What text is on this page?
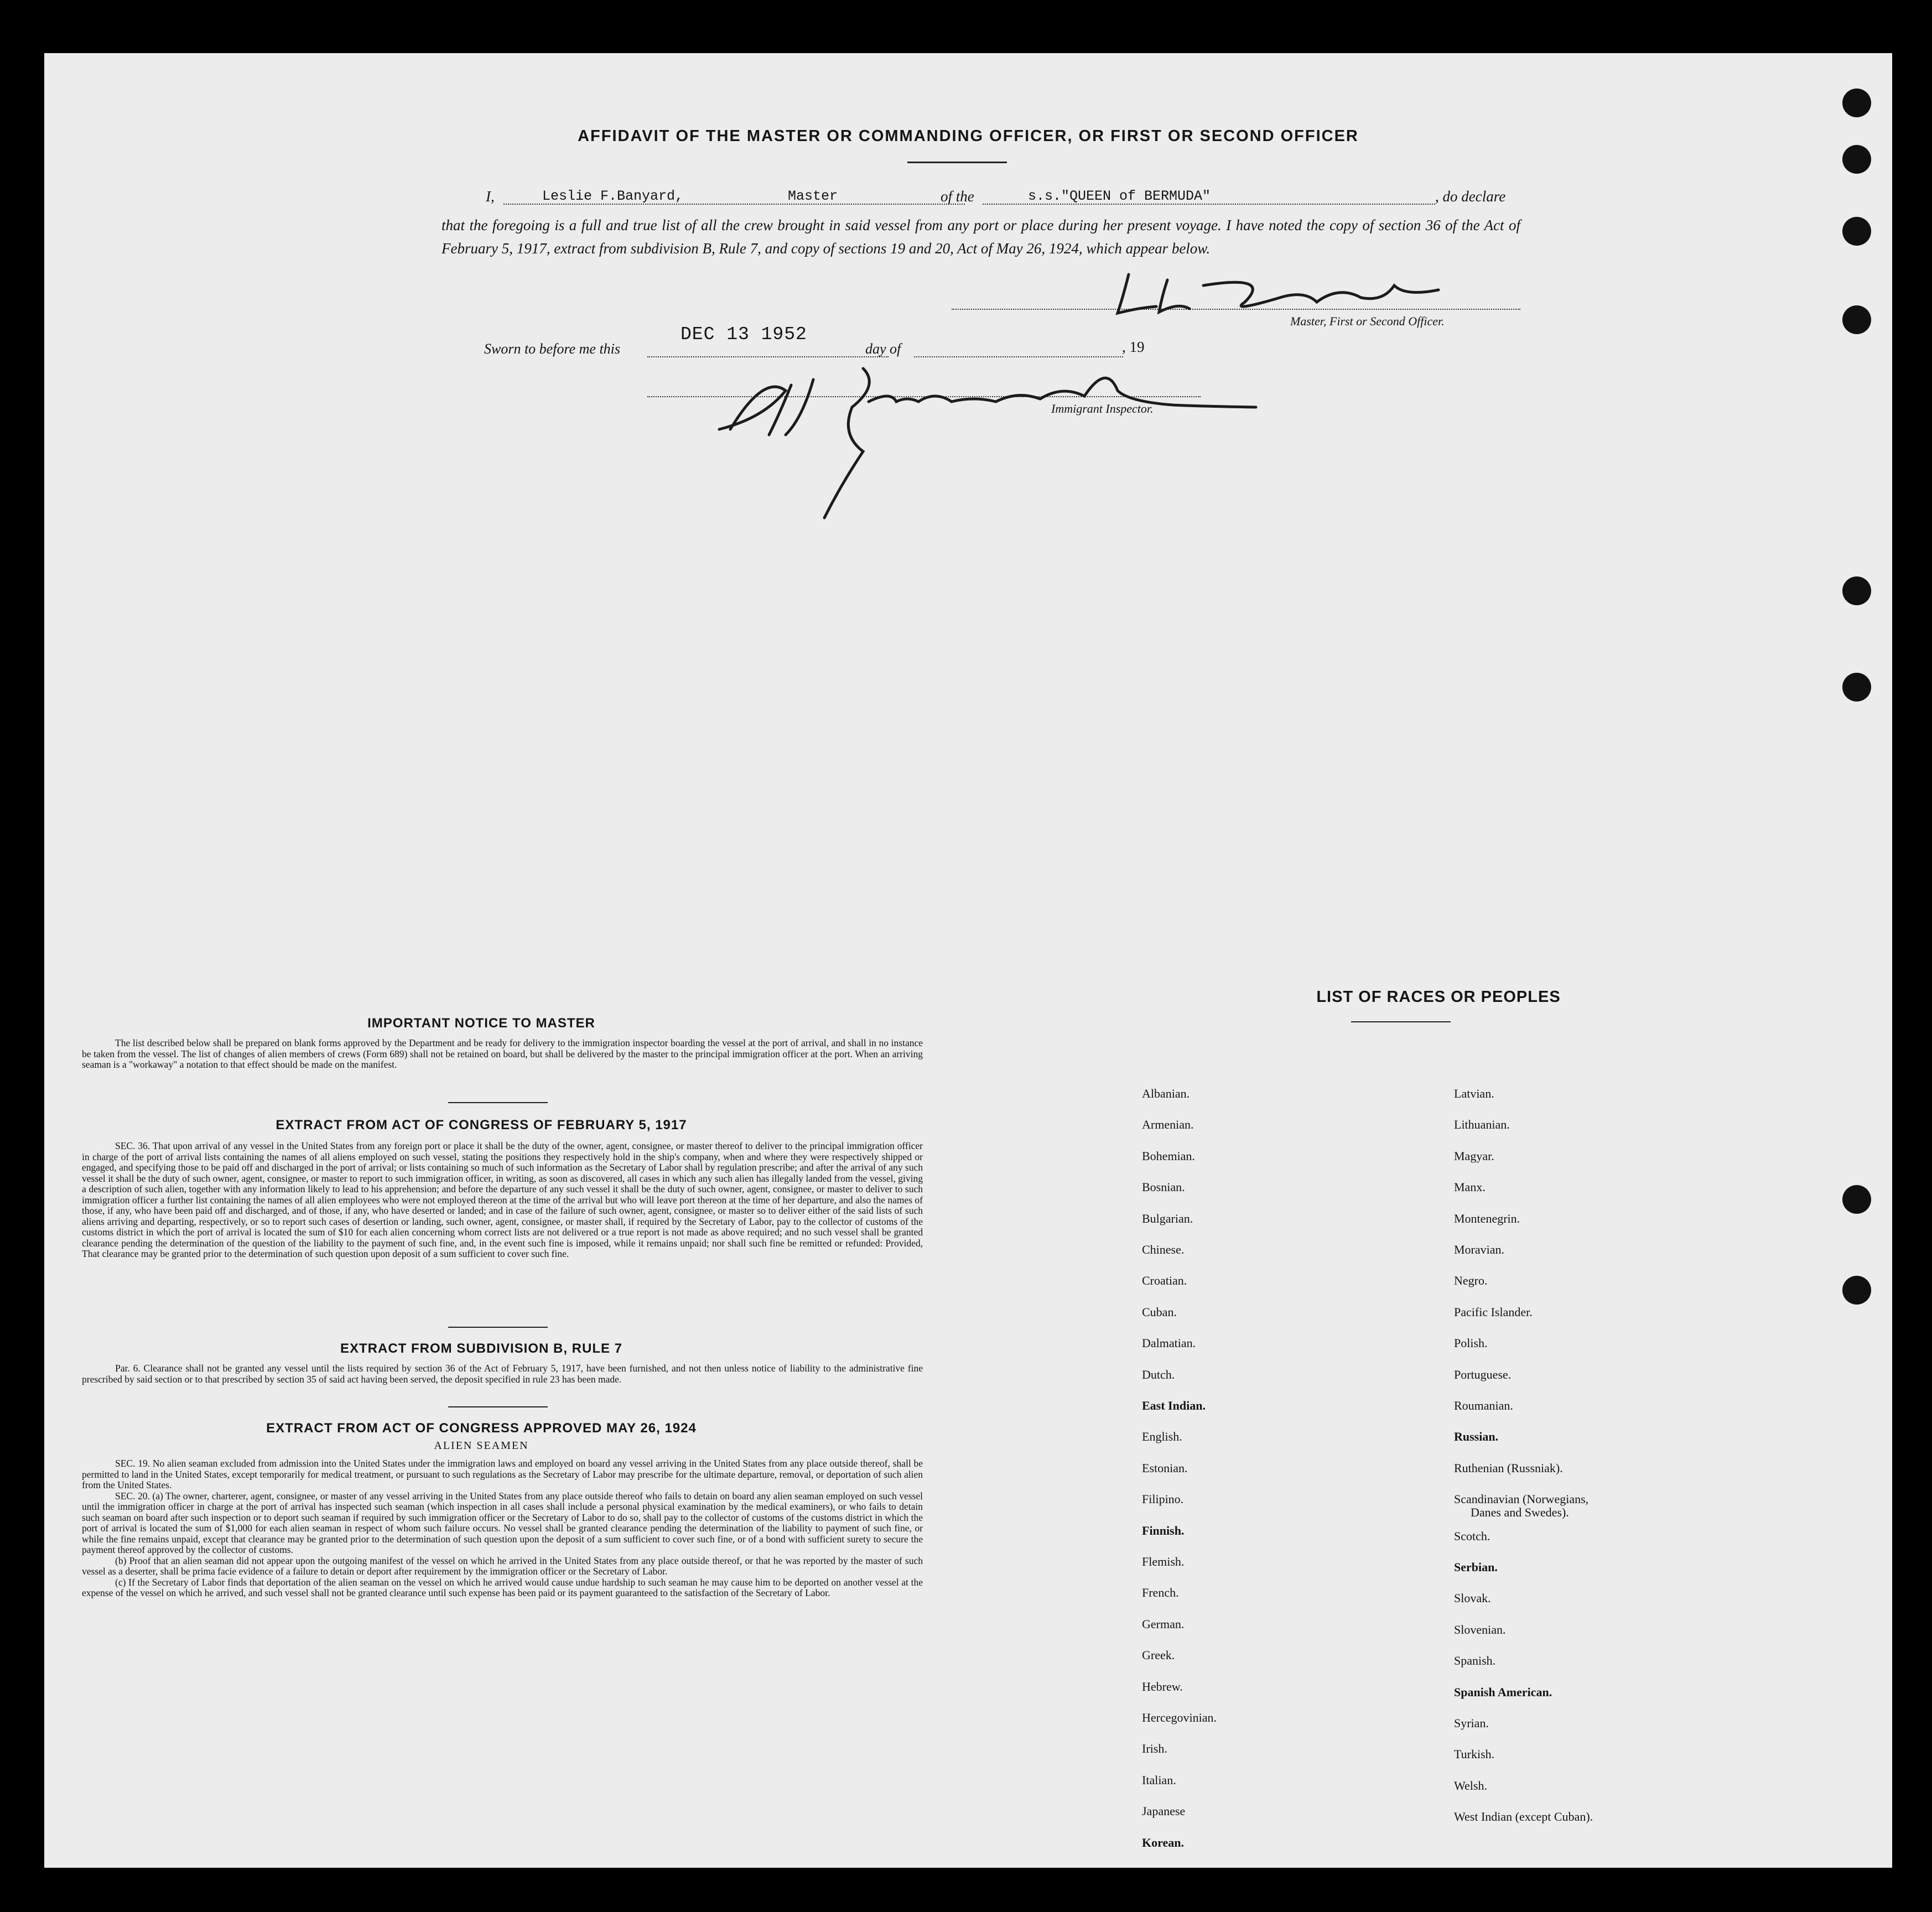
AFFIDAVIT OF THE MASTER OR COMMANDING OFFICER, OR FIRST OR SECOND OFFICER
I,	Leslie F.Banyard,	Master	of the	s.s."QUEEN of BERMUDA"	, do declare
that the foregoing is a full and true list of all the crew brought in said vessel from any port or place during her present voyage. I have noted the copy of section 36 of the Act of February 5, 1917, extract from subdivision B, Rule 7, and copy of sections 19 and 20, Act of May 26, 1924, which appear below.
Master, First or Second Officer.
Sworn to before me this
DEC 13 1952
day of	, 19
Immigrant Inspector.
IMPORTANT NOTICE TO MASTER

The list described below shall be prepared on blank forms approved by the Department and be ready for delivery to the immigration inspector boarding the vessel at the port of arrival, and shall in no instance be taken from the vessel. The list of changes of alien members of crews (Form 689) shall not be retained on board, but shall be delivered by the master to the principal immigration officer at the port. When an arriving seaman is a "workaway" a notation to that effect should be made on the manifest.

EXTRACT FROM ACT OF CONGRESS OF FEBRUARY 5, 1917

SEC. 36. That upon arrival of any vessel in the United States from any foreign port or place it shall be the duty of the owner, agent, consignee, or master thereof to deliver to the principal immigration officer in charge of the port of arrival lists containing the names of all aliens employed on such vessel, stating the positions they respectively hold in the ship's company, when and where they were respectively shipped or engaged, and specifying those to be paid off and discharged in the port of arrival; or lists containing so much of such information as the Secretary of Labor shall by regulation prescribe; and after the arrival of any such vessel it shall be the duty of such owner, agent, consignee, or master to report to such immigration officer, in writing, as soon as discovered, all cases in which any such alien has illegally landed from the vessel, giving a description of such alien, together with any information likely to lead to his apprehension; and before the departure of any such vessel it shall be the duty of such owner, agent, consignee, or master to deliver to such immigration officer a further list containing the names of all alien employees who were not employed thereon at the time of the arrival but who will leave port thereon at the time of her departure, and also the names of those, if any, who have been paid off and discharged, and of those, if any, who have deserted or landed; and in case of the failure of such owner, agent, consignee, or master so to deliver either of the said lists of such aliens arriving and departing, respectively, or so to report such cases of desertion or landing, such owner, agent, consignee, or master shall, if required by the Secretary of Labor, pay to the collector of customs of the customs district in which the port of arrival is located the sum of $10 for each alien concerning whom correct lists are not delivered or a true report is not made as above required; and no such vessel shall be granted clearance pending the determination of the question of the liability to the payment of such fine, and, in the event such fine is imposed, while it remains unpaid; nor shall such fine be remitted or refunded: Provided, That clearance may be granted prior to the determination of such question upon deposit of a sum sufficient to cover such fine.

EXTRACT FROM SUBDIVISION B, RULE 7

Par. 6. Clearance shall not be granted any vessel until the lists required by section 36 of the Act of February 5, 1917, have been furnished, and not then unless notice of liability to the administrative fine prescribed by said section or to that prescribed by section 35 of said act having been served, the deposit specified in rule 23 has been made.

EXTRACT FROM ACT OF CONGRESS APPROVED MAY 26, 1924
ALIEN SEAMEN

SEC. 19. No alien seaman excluded from admission into the United States under the immigration laws and employed on board any vessel arriving in the United States from any place outside thereof, shall be permitted to land in the United States, except temporarily for medical treatment, or pursuant to such regulations as the Secretary of Labor may prescribe for the ultimate departure, removal, or deportation of such alien from the United States.

SEC. 20. (a) The owner, charterer, agent, consignee, or master of any vessel arriving in the United States from any place outside thereof who fails to detain on board any alien seaman employed on such vessel until the immigration officer in charge at the port of arrival has inspected such seaman (which inspection in all cases shall include a personal physical examination by the medical examiners), or who fails to detain such seaman on board after such inspection or to deport such seaman if required by such immigration officer or the Secretary of Labor to do so, shall pay to the collector of customs of the customs district in which the port of arrival is located the sum of $1,000 for each alien seaman in respect of whom such failure occurs. No vessel shall be granted clearance pending the determination of the liability to payment of such fine, or while the fine remains unpaid, except that clearance may be granted prior to the determination of such question upon the deposit of a sum sufficient to cover such fine, or of a bond with sufficient surety to secure the payment thereof approved by the collector of customs.

(b) Proof that an alien seaman did not appear upon the outgoing manifest of the vessel on which he arrived in the United States from any place outside thereof, or that he was reported by the master of such vessel as a deserter, shall be prima facie evidence of a failure to detain or deport after requirement by the immigration officer or the Secretary of Labor.

(c) If the Secretary of Labor finds that deportation of the alien seaman on the vessel on which he arrived would cause undue hardship to such seaman he may cause him to be deported on another vessel at the expense of the vessel on which he arrived, and such vessel shall not be granted clearance until such expense has been paid or its payment guaranteed to the satisfaction of the Secretary of Labor.

LIST OF RACES OR PEOPLES
Albanian.
Armenian.
Bohemian.
Bosnian.
Bulgarian.
Chinese.
Croatian.
Cuban.
Dalmatian.
Dutch.
East Indian.
English.
Estonian.
Filipino.
Finnish.
Flemish.
French.
German.
Greek.
Hebrew.
Hercegovinian.
Irish.
Italian.
Japanese
Korean.
Latvian.
Lithuanian.
Magyar.
Manx.
Montenegrin.
Moravian.
Negro.
Pacific Islander.
Polish.
Portuguese.
Roumanian.
Russian.
Ruthenian (Russniak).
Scandinavian (Norwegians,
Danes and Swedes).
Scotch.
Serbian.
Slovak.
Slovenian.
Spanish.
Spanish American.
Syrian.
Turkish.
Welsh.
West Indian (except Cuban).
